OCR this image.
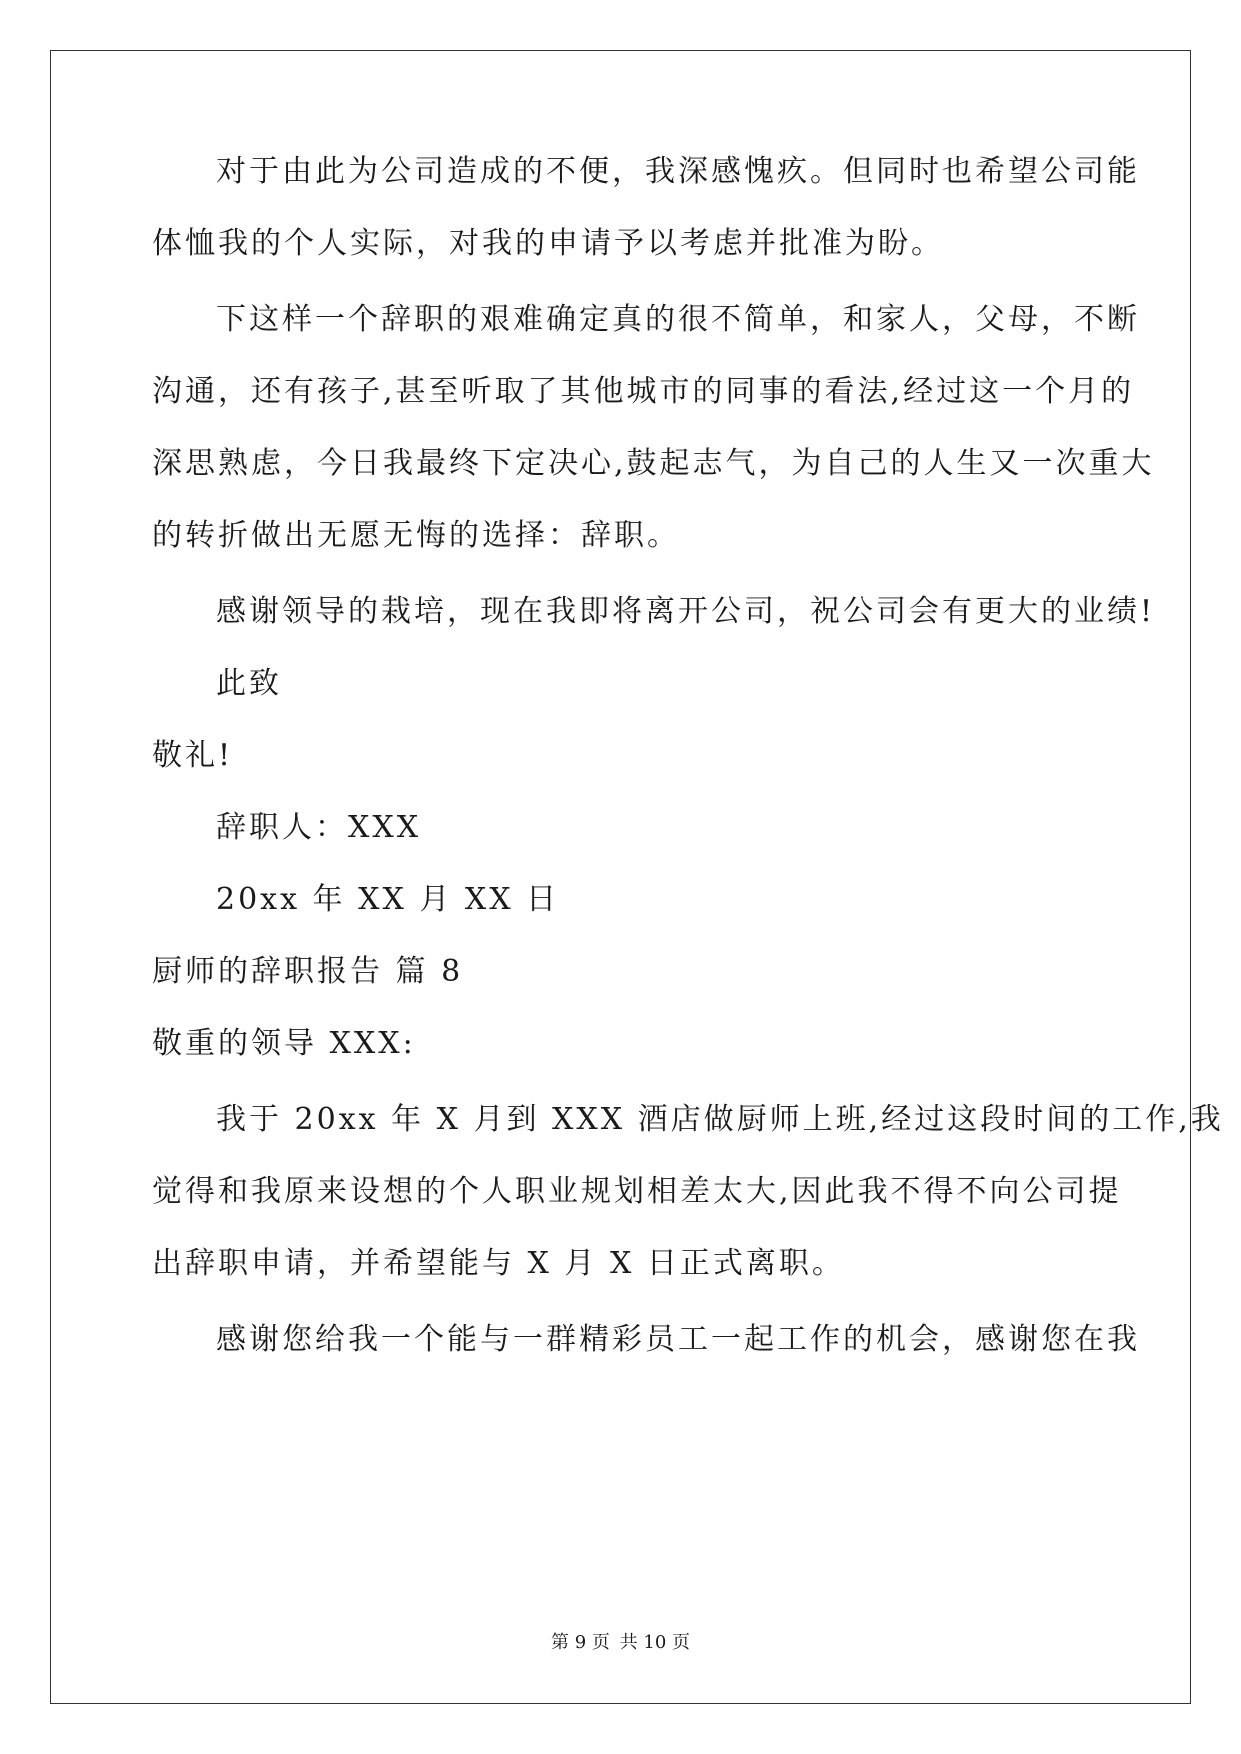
对于由此为公司造成的不便，我深感愧疚。但同时也希望公司能
体恤我的个人实际，对我的申请予以考虑并批准为盼。
下这样一个辞职的艰难确定真的很不简单，和家人，父母，不断
沟通，还有孩子,甚至听取了其他城市的同事的看法,经过这一个月的
深思熟虑，今日我最终下定决心,鼓起志气，为自己的人生又一次重大
的转折做出无愿无悔的选择：辞职。
感谢领导的栽培，现在我即将离开公司，祝公司会有更大的业绩!
此致
敬礼!
辞职人：XXX
20xx 年 XX 月 XX 日
厨师的辞职报告 篇 8
敬重的领导 XXX:
我于 20xx 年 X 月到 XXX 酒店做厨师上班,经过这段时间的工作,我
觉得和我原来设想的个人职业规划相差太大,因此我不得不向公司提
出辞职申请，并希望能与 X 月 X 日正式离职。
感谢您给我一个能与一群精彩员工一起工作的机会，感谢您在我
第 9 页 共 10 页
